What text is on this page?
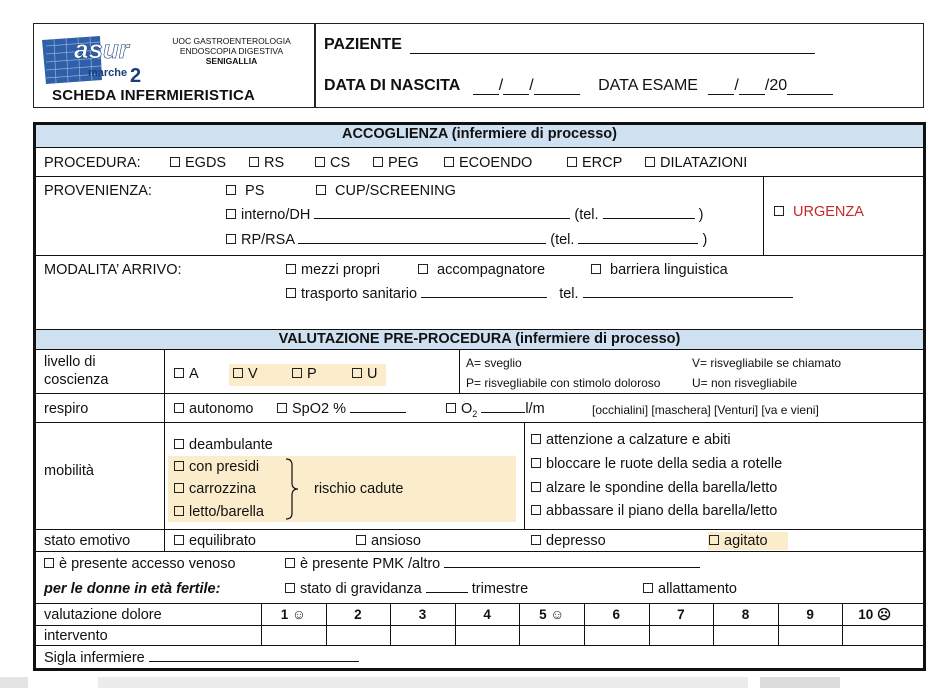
asur
marche 2
UOC GASTROENTEROLOGIA
ENDOSCOPIA DIGESTIVA
SENIGALLIA
SCHEDA INFERMIERISTICA
PAZIENTE
DATA DI NASCITA / /	DATA ESAME / /20
ACCOGLIENZA (infermiere di processo)
PROCEDURA:	EGDS	RS	CS	PEG	ECOENDO	ERCP	DILATAZIONI
PROVENIENZA:	PS	CUP/SCREENING
interno/DH	(tel.	)
RP/RSA	(tel.	)
URGENZA
MODALITA’ ARRIVO:	mezzi propri	accompagnatore	barriera linguistica
trasporto sanitario	tel.
VALUTAZIONE PRE-PROCEDURA (infermiere di processo)
livello di
coscienza	A	V	P	U
A= sveglio	V= risvegliabile se chiamato
P= risvegliabile con stimolo doloroso	U= non risvegliabile
respiro	autonomo	SpO2 %	$O_2$	l/m	[occhialini] [maschera] [Venturi] [va e vieni]
mobilità
deambulante
con presidi
carrozzina
letto/barella
rischio cadute
attenzione a calzature e abiti
bloccare le ruote della sedia a rotelle
alzare le spondine della barella/letto
abbassare il piano della barella/letto
stato emotivo	equilibrato	ansioso	depresso	agitato
è presente accesso venoso	è presente PMK /altro
per le donne in età fertile:	stato di gravidanza	trimestre	allattamento
valutazione dolore	1 ☺	2	3	4	5 ☺	6	7	8	9	10 ☹
intervento
Sigla infermiere
